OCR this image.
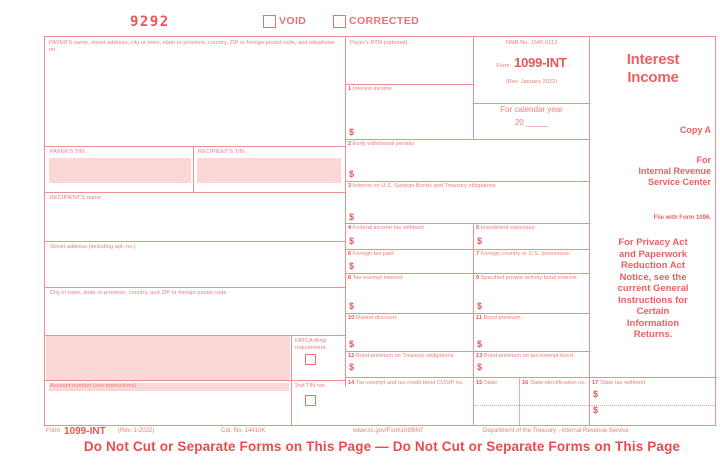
9292	VOID	CORRECTED
PAYER'S name, street address, city or town, state or province, country, ZIP or foreign postal code, and telephone no.
PAYER'S TIN	RECIPIENT'S TIN
RECIPIENT'S name
Street address (including apt. no.)
City or town, state or province, country, and ZIP or foreign postal code
FATCA filing requirement
Account number (see instructions)	2nd TIN not.
Payer's RTN (optional)	OMB No. 1545-0112
Form 1099-INT
(Rev. January 2022)
For calendar year
20 _____
1 Interest income
$
2 Early withdrawal penalty
$
3 Interest on U.S. Savings Bonds and Treasury obligations
$
4 Federal income tax withheld
$
5 Investment expenses
$
6 Foreign tax paid
$
7 Foreign country or U.S. possession
8 Tax-exempt interest
$
9 Specified private activity bond interest
$
10 Market discount
$
11 Bond premium
$
12 Bond premium on Treasury obligations
$
13 Bond premium on tax-exempt bond
$
14 Tax-exempt and tax credit bond CUSIP no.	15 State	16 State identification no.	17 State tax withheld
$
$
Interest
Income
Copy A
For
Internal Revenue
Service Center
File with Form 1096.
For Privacy Act
and Paperwork
Reduction Act
Notice, see the
current General
Instructions for
Certain
Information
Returns.
Form 1099-INT (Rev. 1-2022)	Cat. No. 14410K	www.irs.gov/Form1099INT	Department of the Treasury - Internal Revenue Service
Do Not Cut or Separate Forms on This Page — Do Not Cut or Separate Forms on This Page
